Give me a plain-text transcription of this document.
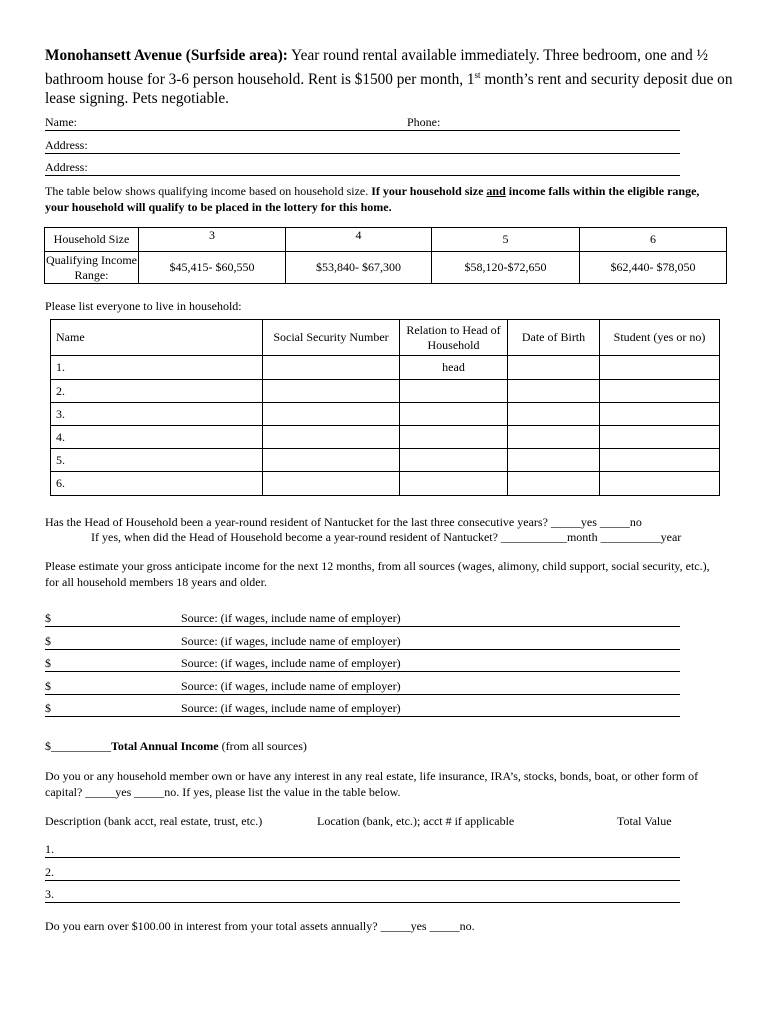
Monohansett Avenue (Surfside area): Year round rental available immediately. Three bedroom, one and ½ bathroom house for 3-6 person household. Rent is $1500 per month, 1st month’s rent and security deposit due on lease signing. Pets negotiable.
Name:	Phone:
Address:
Address:
The table below shows qualifying income based on household size. If your household size and income falls within the eligible range, your household will qualify to be placed in the lottery for this home.
Household Size	3	4	5	6
Qualifying Income Range:	$45,415- $60,550	$53,840- $67,300	$58,120-$72,650	$62,440- $78,050
Please list everyone to live in household:
Name	Social Security Number	Relation to Head of Household	Date of Birth	Student (yes or no)
1.		head		
2.				
3.				
4.				
5.				
6.				
Has the Head of Household been a year-round resident of Nantucket for the last three consecutive years? _____yes _____no
If yes, when did the Head of Household become a year-round resident of Nantucket? ___________month __________year
Please estimate your gross anticipate income for the next 12 months, from all sources (wages, alimony, child support, social security, etc.), for all household members 18 years and older.
$	Source: (if wages, include name of employer)
$	Source: (if wages, include name of employer)
$	Source: (if wages, include name of employer)
$	Source: (if wages, include name of employer)
$	Source: (if wages, include name of employer)
$__________Total Annual Income (from all sources)
Do you or any household member own or have any interest in any real estate, life insurance, IRA’s, stocks, bonds, boat, or other form of capital? _____yes _____no. If yes, please list the value in the table below.
Description (bank acct, real estate, trust, etc.)	Location (bank, etc.); acct # if applicable	Total Value
1.
2.
3.
Do you earn over $100.00 in interest from your total assets annually? _____yes _____no.
